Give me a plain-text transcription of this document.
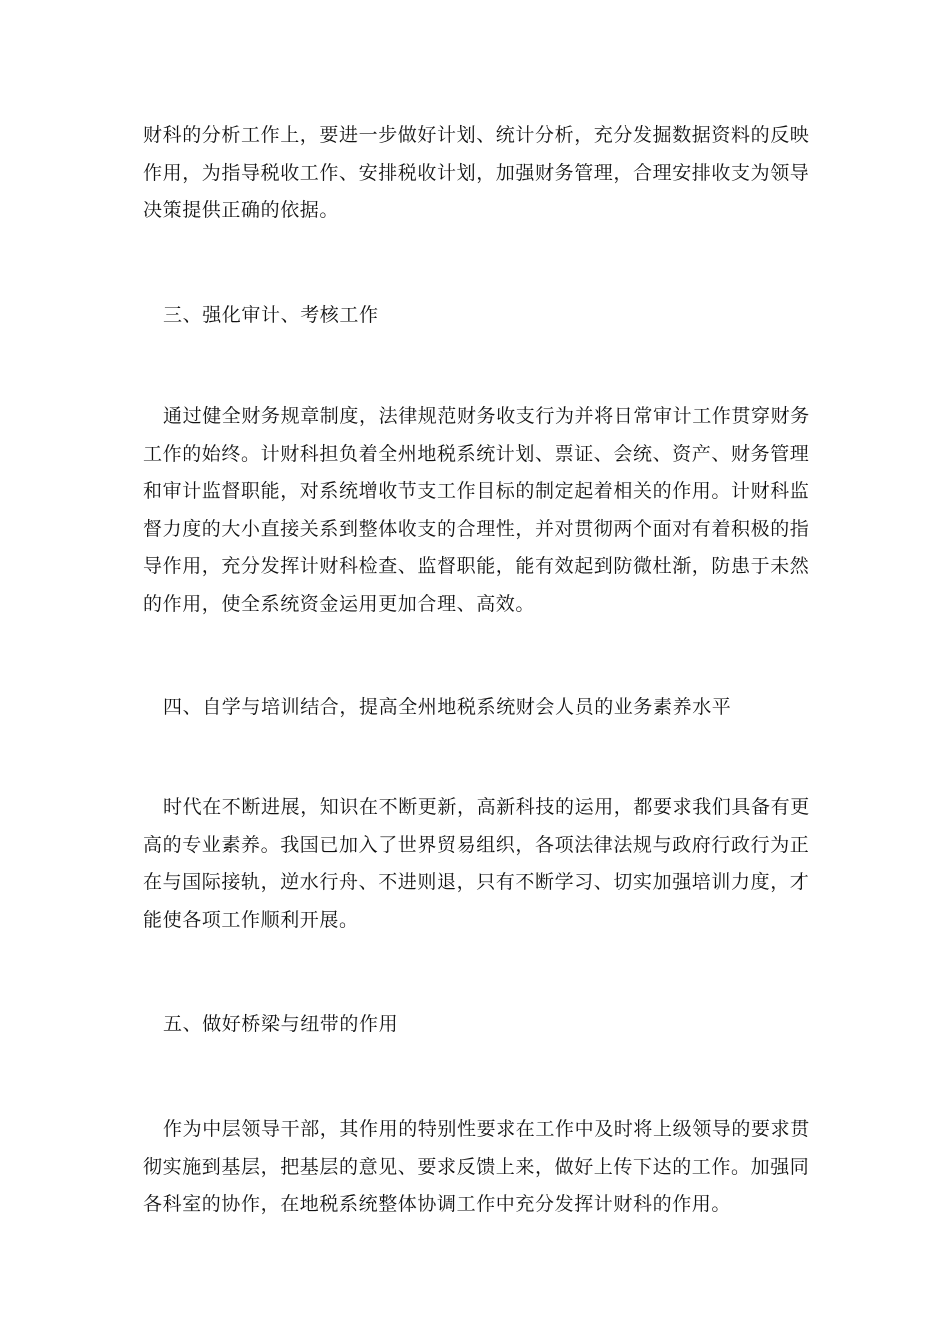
财科的分析工作上，要进一步做好计划、统计分析，充分发掘数据资料的反映
作用，为指导税收工作、安排税收计划，加强财务管理，合理安排收支为领导
决策提供正确的依据。
三、强化审计、考核工作
通过健全财务规章制度，法律规范财务收支行为并将日常审计工作贯穿财务
工作的始终。计财科担负着全州地税系统计划、票证、会统、资产、财务管理
和审计监督职能，对系统增收节支工作目标的制定起着相关的作用。计财科监
督力度的大小直接关系到整体收支的合理性，并对贯彻两个面对有着积极的指
导作用，充分发挥计财科检查、监督职能，能有效起到防微杜渐，防患于未然
的作用，使全系统资金运用更加合理、高效。
四、自学与培训结合，提高全州地税系统财会人员的业务素养水平
时代在不断进展，知识在不断更新，高新科技的运用，都要求我们具备有更
高的专业素养。我国已加入了世界贸易组织，各项法律法规与政府行政行为正
在与国际接轨，逆水行舟、不进则退，只有不断学习、切实加强培训力度，才
能使各项工作顺利开展。
五、做好桥梁与纽带的作用
作为中层领导干部，其作用的特别性要求在工作中及时将上级领导的要求贯
彻实施到基层，把基层的意见、要求反馈上来，做好上传下达的工作。加强同
各科室的协作，在地税系统整体协调工作中充分发挥计财科的作用。
